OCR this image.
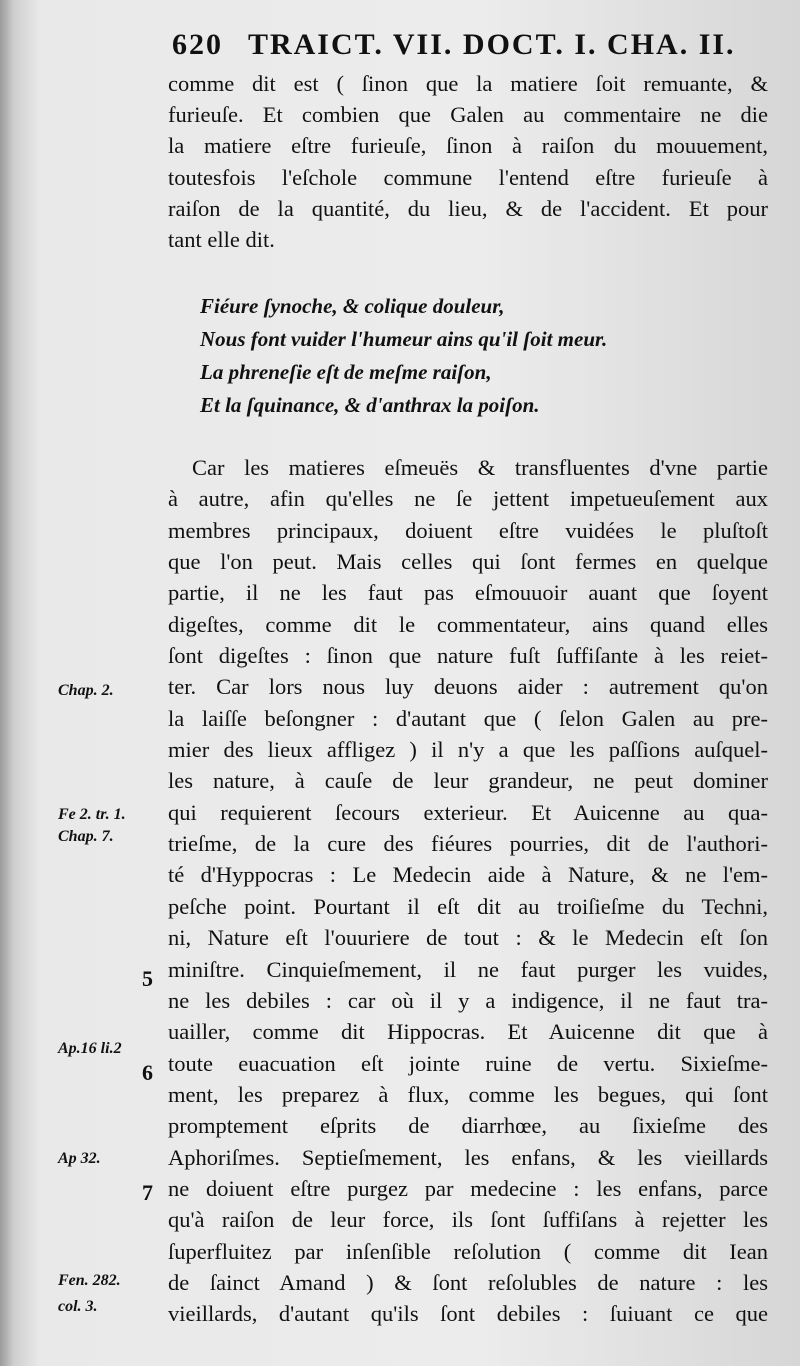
620 TRAICT. VII. DOCT. I. CHA. II.
comme dit est ( ſinon que la matiere ſoit remuante, &
furieuſe. Et combien que Galen au commentaire ne die
la matiere eſtre furieuſe, ſinon à raiſon du mouuement,
toutesfois l'eſchole commune l'entend eſtre furieuſe à
raiſon de la quantité, du lieu, & de l'accident. Et pour
tant elle dit.
Fiéure ſynoche, & colique douleur,
Nous font vuider l'humeur ains qu'il ſoit meur.
La phreneſie eſt de meſme raiſon,
Et la ſquinance, & d'anthrax la poiſon.
Car les matieres eſmeuës & transfluentes d'vne partie
à autre, afin qu'elles ne ſe jettent impetueuſement aux
membres principaux, doiuent eſtre vuidées le pluſtoſt
que l'on peut. Mais celles qui ſont fermes en quelque
partie, il ne les faut pas eſmouuoir auant que ſoyent
digeſtes, comme dit le commentateur, ains quand elles
ſont digeſtes : ſinon que nature fuſt ſuffiſante à les reiet-
ter. Car lors nous luy deuons aider : autrement qu'on
la laiſſe beſongner : d'autant que ( ſelon Galen au pre-
mier des lieux affligez ) il n'y a que les paſſions auſquel-
les nature, à cauſe de leur grandeur, ne peut dominer
qui requierent ſecours exterieur. Et Auicenne au qua-
trieſme, de la cure des fiéures pourries, dit de l'authori-
té d'Hyppocras : Le Medecin aide à Nature, & ne l'em-
peſche point. Pourtant il eſt dit au troiſieſme du Techni,
ni, Nature eſt l'ouuriere de tout : & le Medecin eſt ſon
miniſtre. Cinquieſmement, il ne faut purger les vuides,
ne les debiles : car où il y a indigence, il ne faut tra-
uailler, comme dit Hippocras. Et Auicenne dit que à
toute euacuation eſt jointe ruine de vertu. Sixieſme-
ment, les preparez à flux, comme les begues, qui ſont
promptement eſprits de diarrhœe, au ſixieſme des
Aphoriſmes. Septieſmement, les enfans, & les vieillards
ne doiuent eſtre purgez par medecine : les enfans, parce
qu'à raiſon de leur force, ils ſont ſuffiſans à rejetter les
ſuperfluitez par inſenſible reſolution ( comme dit Iean
de ſainct Amand ) & ſont reſolubles de nature : les
vieillards, d'autant qu'ils ſont debiles : ſuiuant ce que
Chap. 2.
Fe 2. tr. 1.
Chap. 7.
Ap.16 li.2
Ap 32.
Fen. 282.
col. 3.
5
6
7
